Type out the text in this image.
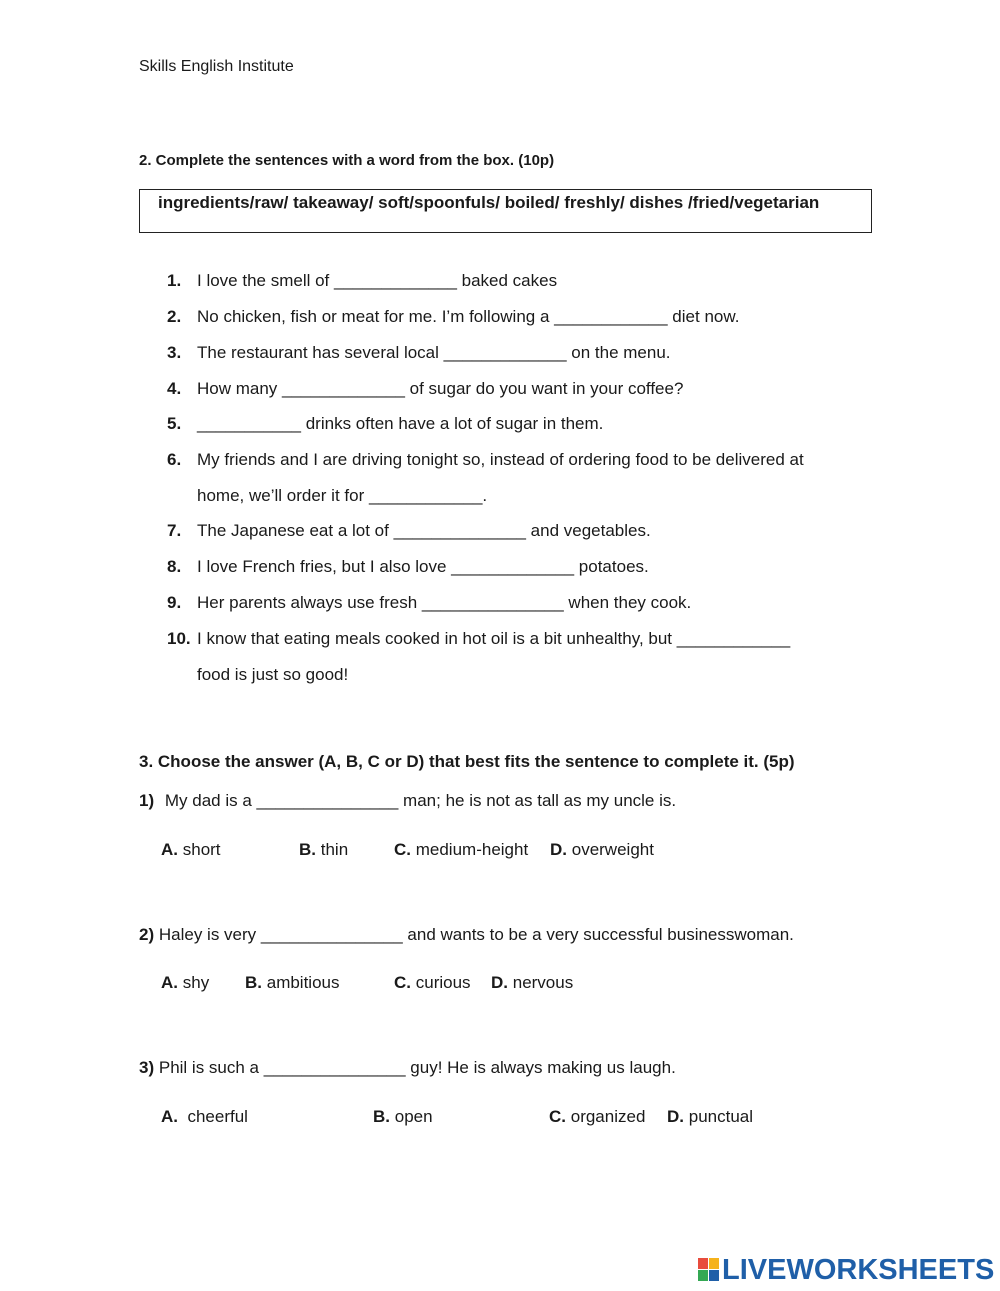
Skills English Institute
2. Complete the sentences with a word from the box. (10p)
ingredients/raw/ takeaway/ soft/spoonfuls/ boiled/ freshly/ dishes /fried/vegetarian
1. I love the smell of _____________ baked cakes
2. No chicken, fish or meat for me. I’m following a ____________ diet now.
3. The restaurant has several local _____________ on the menu.
4. How many _____________ of sugar do you want in your coffee?
5. ___________ drinks often have a lot of sugar in them.
6. My friends and I are driving tonight so, instead of ordering food to be delivered at
home, we’ll order it for ____________.
7. The Japanese eat a lot of ______________ and vegetables.
8. I love French fries, but I also love _____________ potatoes.
9. Her parents always use fresh _______________ when they cook.
10. I know that eating meals cooked in hot oil is a bit unhealthy, but ____________
food is just so good!
3. Choose the answer (A, B, C or D) that best fits the sentence to complete it. (5p)
1) My dad is a _______________ man; he is not as tall as my uncle is.
A. short	B. thin	C. medium-height D. overweight
2) Haley is very _______________ and wants to be a very successful businesswoman.
A. shy B. ambitious	C. curious D. nervous
3) Phil is such a _______________ guy! He is always making us laugh.
A. cheerful	B. open	C. organized D. punctual
LIVEWORKSHEETS
